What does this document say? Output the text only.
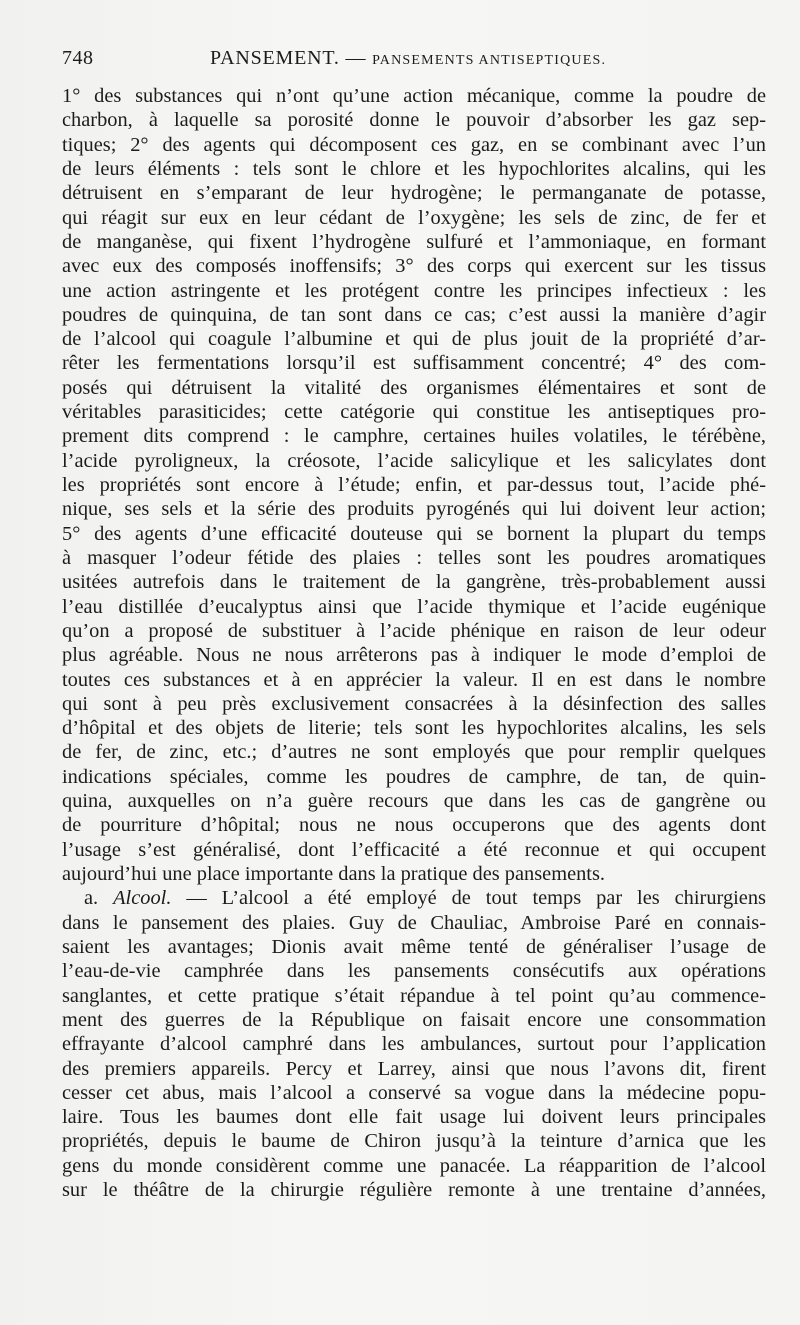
748	PANSEMENT. — PANSEMENTS ANTISEPTIQUES.
1° des substances qui n’ont qu’une action mécanique, comme la poudre de
charbon, à laquelle sa porosité donne le pouvoir d’absorber les gaz sep-
tiques; 2° des agents qui décomposent ces gaz, en se combinant avec l’un
de leurs éléments : tels sont le chlore et les hypochlorites alcalins, qui les
détruisent en s’emparant de leur hydrogène; le permanganate de potasse,
qui réagit sur eux en leur cédant de l’oxygène; les sels de zinc, de fer et
de manganèse, qui fixent l’hydrogène sulfuré et l’ammoniaque, en formant
avec eux des composés inoffensifs; 3° des corps qui exercent sur les tissus
une action astringente et les protégent contre les principes infectieux : les
poudres de quinquina, de tan sont dans ce cas; c’est aussi la manière d’agir
de l’alcool qui coagule l’albumine et qui de plus jouit de la propriété d’ar-
rêter les fermentations lorsqu’il est suffisamment concentré; 4° des com-
posés qui détruisent la vitalité des organismes élémentaires et sont de
véritables parasiticides; cette catégorie qui constitue les antiseptiques pro-
prement dits comprend : le camphre, certaines huiles volatiles, le térébène,
l’acide pyroligneux, la créosote, l’acide salicylique et les salicylates dont
les propriétés sont encore à l’étude; enfin, et par-dessus tout, l’acide phé-
nique, ses sels et la série des produits pyrogénés qui lui doivent leur action;
5° des agents d’une efficacité douteuse qui se bornent la plupart du temps
à masquer l’odeur fétide des plaies : telles sont les poudres aromatiques
usitées autrefois dans le traitement de la gangrène, très-probablement aussi
l’eau distillée d’eucalyptus ainsi que l’acide thymique et l’acide eugénique
qu’on a proposé de substituer à l’acide phénique en raison de leur odeur
plus agréable. Nous ne nous arrêterons pas à indiquer le mode d’emploi de
toutes ces substances et à en apprécier la valeur. Il en est dans le nombre
qui sont à peu près exclusivement consacrées à la désinfection des salles
d’hôpital et des objets de literie; tels sont les hypochlorites alcalins, les sels
de fer, de zinc, etc.; d’autres ne sont employés que pour remplir quelques
indications spéciales, comme les poudres de camphre, de tan, de quin-
quina, auxquelles on n’a guère recours que dans les cas de gangrène ou
de pourriture d’hôpital; nous ne nous occuperons que des agents dont
l’usage s’est généralisé, dont l’efficacité a été reconnue et qui occupent
aujourd’hui une place importante dans la pratique des pansements.
a. Alcool. — L’alcool a été employé de tout temps par les chirurgiens
dans le pansement des plaies. Guy de Chauliac, Ambroise Paré en connais-
saient les avantages; Dionis avait même tenté de généraliser l’usage de
l’eau-de-vie camphrée dans les pansements consécutifs aux opérations
sanglantes, et cette pratique s’était répandue à tel point qu’au commence-
ment des guerres de la République on faisait encore une consommation
effrayante d’alcool camphré dans les ambulances, surtout pour l’application
des premiers appareils. Percy et Larrey, ainsi que nous l’avons dit, firent
cesser cet abus, mais l’alcool a conservé sa vogue dans la médecine popu-
laire. Tous les baumes dont elle fait usage lui doivent leurs principales
propriétés, depuis le baume de Chiron jusqu’à la teinture d’arnica que les
gens du monde considèrent comme une panacée. La réapparition de l’alcool
sur le théâtre de la chirurgie régulière remonte à une trentaine d’années,
